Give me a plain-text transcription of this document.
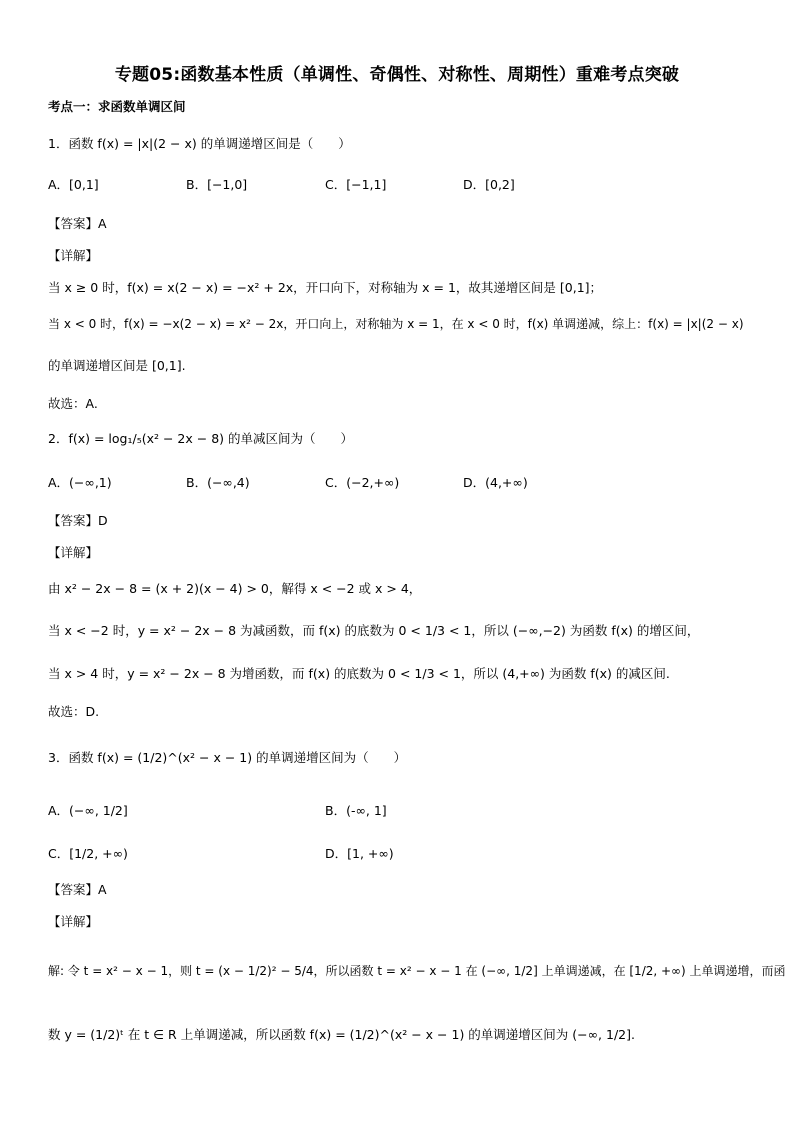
专题05:函数基本性质（单调性、奇偶性、对称性、周期性）重难考点突破
考点一：求函数单调区间
1．函数 f(x) = |x|(2 − x) 的单调递增区间是（　　）
A．[0,1]	B．[−1,0]	C．[−1,1]	D．[0,2]
【答案】A
【详解】
当 x ≥ 0 时，f(x) = x(2 − x) = −x² + 2x，开口向下，对称轴为 x = 1，故其递增区间是 [0,1]；
当 x < 0 时，f(x) = −x(2 − x) = x² − 2x，开口向上，对称轴为 x = 1，在 x < 0 时，f(x) 单调递减，综上：f(x) = |x|(2 − x)
的单调递增区间是 [0,1].
故选：A.
2．f(x) = log₁/₅(x² − 2x − 8) 的单减区间为（　　）
A．(−∞,1)	B．(−∞,4)	C．(−2,+∞)	D．(4,+∞)
【答案】D
【详解】
由 x² − 2x − 8 = (x + 2)(x − 4) > 0，解得 x < −2 或 x > 4，
当 x < −2 时，y = x² − 2x − 8 为减函数，而 f(x) 的底数为 0 < 1/3 < 1，所以 (−∞,−2) 为函数 f(x) 的增区间，
当 x > 4 时，y = x² − 2x − 8 为增函数，而 f(x) 的底数为 0 < 1/3 < 1，所以 (4,+∞) 为函数 f(x) 的减区间.
故选：D.
3．函数 f(x) = (1/2)^(x² − x − 1) 的单调递增区间为（　　）
A．(−∞, 1/2]	B．(-∞, 1]
C．[1/2, +∞)	D．[1, +∞)
【答案】A
【详解】
解: 令 t = x² − x − 1，则 t = (x − 1/2)² − 5/4，所以函数 t = x² − x − 1 在 (−∞, 1/2] 上单调递减，在 [1/2, +∞) 上单调递增，而函
数 y = (1/2)ᵗ 在 t ∈ R 上单调递减，所以函数 f(x) = (1/2)^(x² − x − 1) 的单调递增区间为 (−∞, 1/2].
